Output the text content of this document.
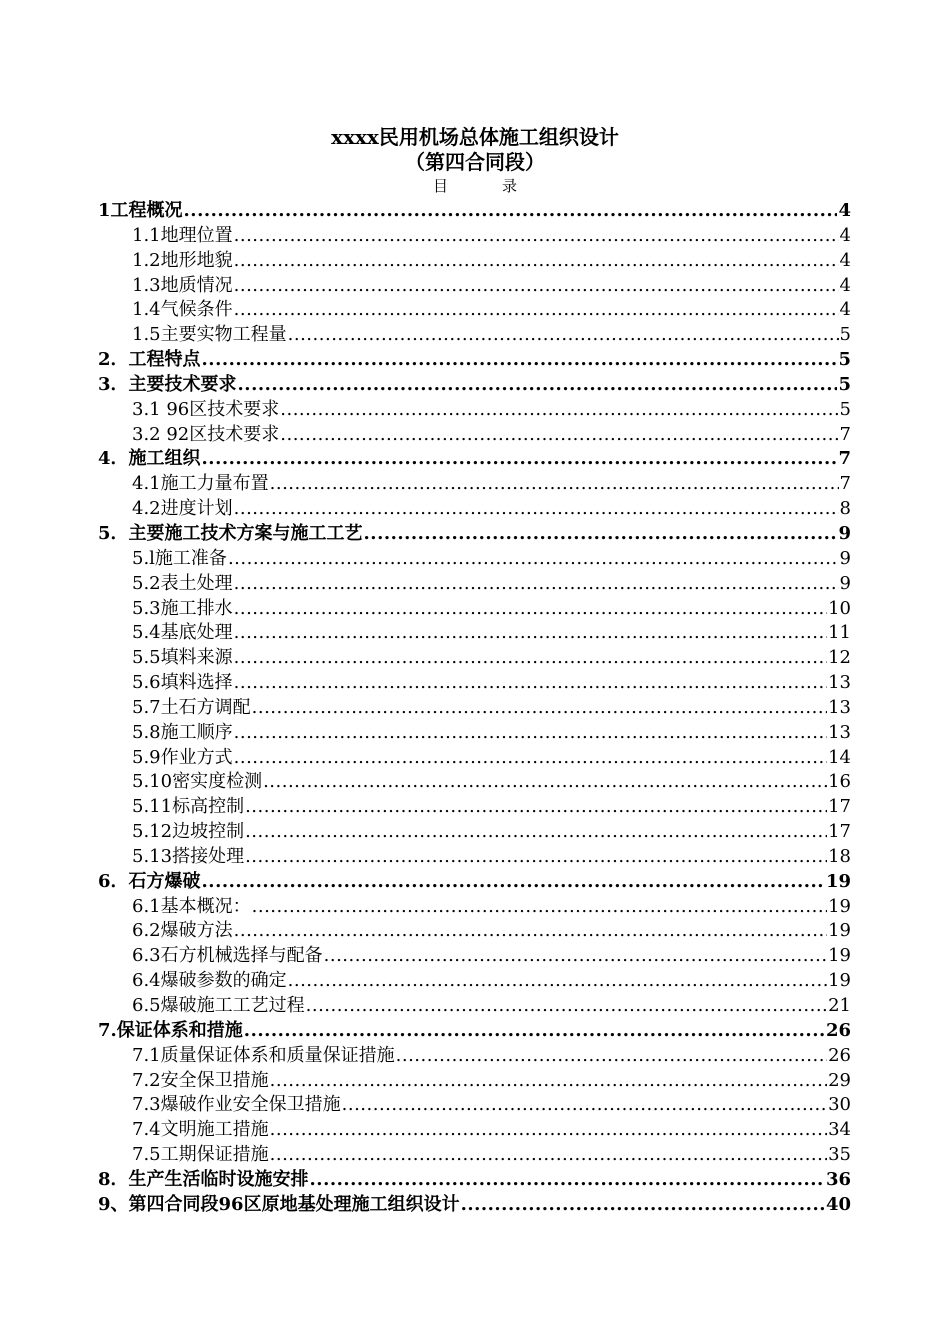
xxxx民用机场总体施工组织设计
（第四合同段）
目	录
1工程概况 .....	4
1.1地理位置 .....	4
1.2地形地貌 .....	4
1.3地质情况 .....	4
1.4气候条件 .....	4
1.5主要实物工程量 .....	5
2．工程特点 .....	5
3．主要技术要求 .....	5
3.1 96区技术要求 .....	5
3.2 92区技术要求 .....	7
4．施工组织 .....	7
4.1施工力量布置 .....	7
4.2进度计划 .....	8
5．主要施工技术方案与施工工艺 .....	9
5.l施工准备 .....	9
5.2表土处理 .....	9
5.3施工排水 .....	10
5.4基底处理 .....	11
5.5填料来源 .....	12
5.6填料选择 .....	13
5.7土石方调配 .....	13
5.8施工顺序 .....	13
5.9作业方式 .....	14
5.10密实度检测 .....	16
5.11标高控制 .....	17
5.12边坡控制 .....	17
5.13搭接处理 .....	18
6．石方爆破 .....	19
6.1基本概况： .....	19
6.2爆破方法 .....	19
6.3石方机械选择与配备 .....	19
6.4爆破参数的确定 .....	19
6.5爆破施工工艺过程 .....	21
7.保证体系和措施 .....	26
7.1质量保证体系和质量保证措施 .....	26
7.2安全保卫措施 .....	29
7.3爆破作业安全保卫措施 .....	30
7.4文明施工措施 .....	34
7.5工期保证措施 .....	35
8．生产生活临时设施安排 .....	36
9、第四合同段96区原地基处理施工组织设计 .....	40
